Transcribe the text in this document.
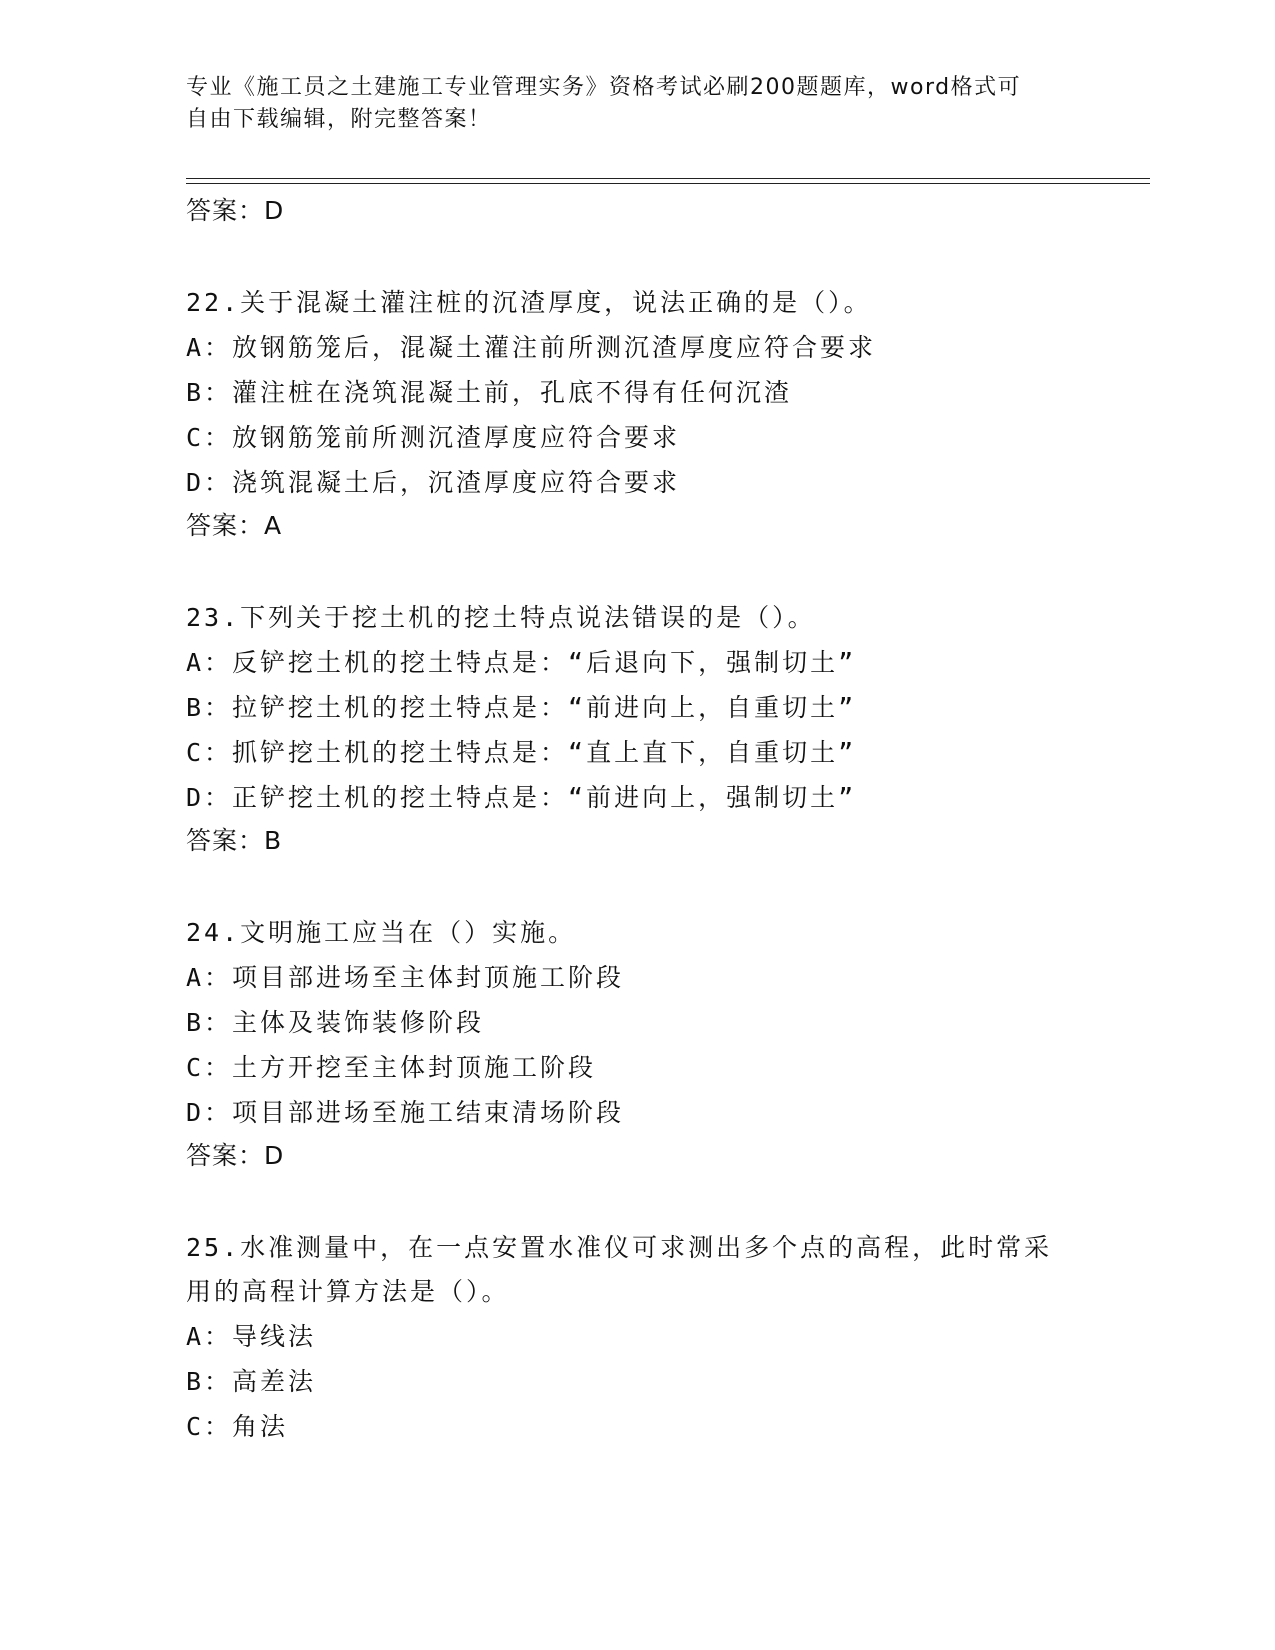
专业《施工员之土建施工专业管理实务》资格考试必刷200题题库，word格式可
自由下载编辑，附完整答案！
答案：D
22.关于混凝土灌注桩的沉渣厚度，说法正确的是（）。
A：放钢筋笼后，混凝土灌注前所测沉渣厚度应符合要求
B：灌注桩在浇筑混凝土前，孔底不得有任何沉渣
C：放钢筋笼前所测沉渣厚度应符合要求
D：浇筑混凝土后，沉渣厚度应符合要求
答案：A
23.下列关于挖土机的挖土特点说法错误的是（）。
A：反铲挖土机的挖土特点是：“后退向下，强制切土”
B：拉铲挖土机的挖土特点是：“前进向上，自重切土”
C：抓铲挖土机的挖土特点是：“直上直下，自重切土”
D：正铲挖土机的挖土特点是：“前进向上，强制切土”
答案：B
24.文明施工应当在（）实施。
A：项目部进场至主体封顶施工阶段
B：主体及装饰装修阶段
C：土方开挖至主体封顶施工阶段
D：项目部进场至施工结束清场阶段
答案：D
25.水准测量中，在一点安置水准仪可求测出多个点的高程，此时常采
用的高程计算方法是（）。
A：导线法
B：高差法
C：角法
